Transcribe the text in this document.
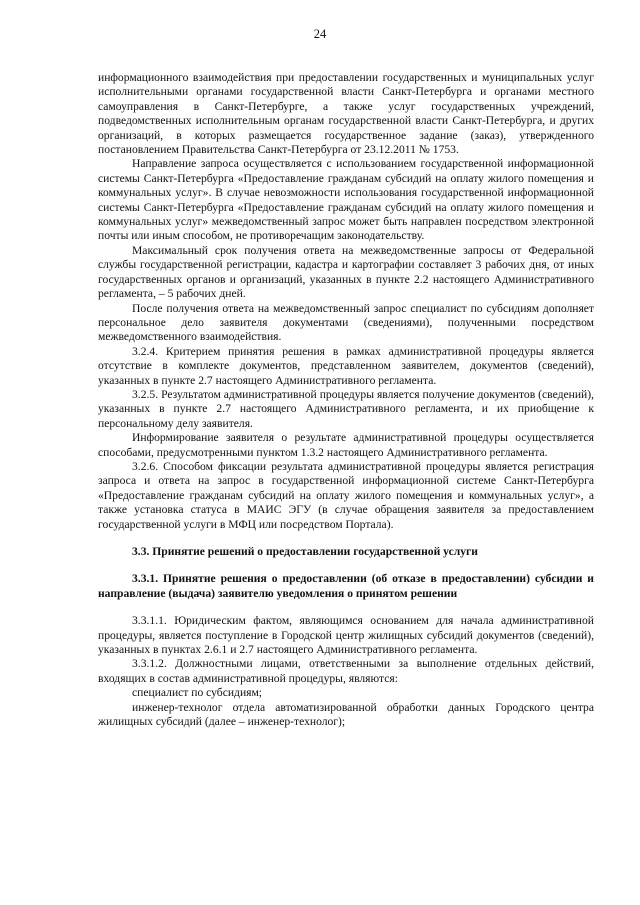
24

информационного взаимодействия при предоставлении государственных и муниципальных услуг исполнительными органами государственной власти Санкт-Петербурга и органами местного самоуправления в Санкт-Петербурге, а также услуг государственных учреждений, подведомственных исполнительным органам государственной власти Санкт-Петербурга, и других организаций, в которых размещается государственное задание (заказ), утвержденного постановлением Правительства Санкт-Петербурга от 23.12.2011 № 1753.

Направление запроса осуществляется с использованием государственной информационной системы Санкт-Петербурга «Предоставление гражданам субсидий на оплату жилого помещения и коммунальных услуг». В случае невозможности использования государственной информационной системы Санкт-Петербурга «Предоставление гражданам субсидий на оплату жилого помещения и коммунальных услуг» межведомственный запрос может быть направлен посредством электронной почты или иным способом, не противоречащим законодательству.

Максимальный срок получения ответа на межведомственные запросы от Федеральной службы государственной регистрации, кадастра и картографии составляет 3 рабочих дня, от иных государственных органов и организаций, указанных в пункте 2.2 настоящего Административного регламента, – 5 рабочих дней.

После получения ответа на межведомственный запрос специалист по субсидиям дополняет персональное дело заявителя документами (сведениями), полученными посредством межведомственного взаимодействия.

3.2.4. Критерием принятия решения в рамках административной процедуры является отсутствие в комплекте документов, представленном заявителем, документов (сведений), указанных в пункте 2.7 настоящего Административного регламента.

3.2.5. Результатом административной процедуры является получение документов (сведений), указанных в пункте 2.7 настоящего Административного регламента, и их приобщение к персональному делу заявителя.

Информирование заявителя о результате административной процедуры осуществляется способами, предусмотренными пунктом 1.3.2 настоящего Административного регламента.

3.2.6. Способом фиксации результата административной процедуры является регистрация запроса и ответа на запрос в государственной информационной системе Санкт-Петербурга «Предоставление гражданам субсидий на оплату жилого помещения и коммунальных услуг», а также установка статуса в МАИС ЭГУ (в случае обращения заявителя за предоставлением государственной услуги в МФЦ или посредством Портала).

3.3. Принятие решений о предоставлении государственной услуги

3.3.1. Принятие решения о предоставлении (об отказе в предоставлении) субсидии и направление (выдача) заявителю уведомления о принятом решении

3.3.1.1. Юридическим фактом, являющимся основанием для начала административной процедуры, является поступление в Городской центр жилищных субсидий документов (сведений), указанных в пунктах 2.6.1 и 2.7 настоящего Административного регламента.

3.3.1.2. Должностными лицами, ответственными за выполнение отдельных действий, входящих в состав административной процедуры, являются:

специалист по субсидиям;

инженер-технолог отдела автоматизированной обработки данных Городского центра жилищных субсидий (далее – инженер-технолог);
